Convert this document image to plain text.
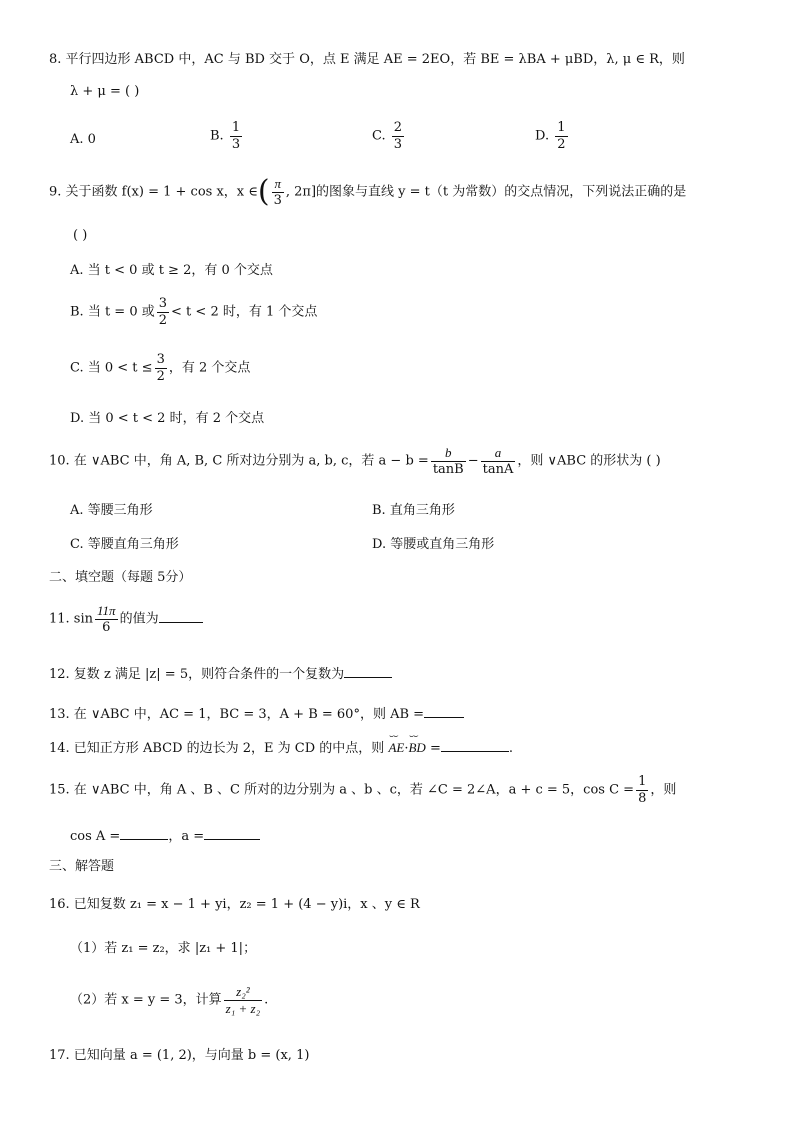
8. 平行四边形 ABCD 中，AC 与 BD 交于 O，点 E 满足 AE = 2EO，若 BE = λBA + μBD，λ, μ ∈ R，则
λ + μ = ( )
A. 0	B. $\frac{1}{3}$	C. $\frac{2}{3}$	D. $\frac{1}{2}$
9. 关于函数 f(x) = 1 + cos x，x ∈( $\frac{\pi}{3}$ , 2π]的图象与直线 y = t（t 为常数）的交点情况，下列说法正确的是
( )
A. 当 t < 0 或 t ≥ 2，有 0 个交点
B. 当 t = 0 或 $\frac{3}{2} < t < 2$ 时，有 1 个交点
C. 当 $0 < t \le \frac{3}{2}$ ，有 2 个交点
D. 当 0 < t < 2 时，有 2 个交点
10. 在 ∨ABC 中，角 A, B, C 所对边分别为 a, b, c，若 $a - b = \frac{b}{\tan B} - \frac{a}{\tan A}$ ，则 ∨ABC 的形状为 ( )
A. 等腰三角形	B. 直角三角形
C. 等腰直角三角形	D. 等腰或直角三角形
二、填空题（每题 5分）
11. $\sin \frac{11\pi}{6}$ 的值为
12. 复数 z 满足 |z| = 5，则符合条件的一个复数为
13. 在 ∨ABC 中，AC = 1，BC = 3，A + B = 60°，则 AB =
14. 已知正方形 ABCD 的边长为 2，E 为 CD 的中点，则 ⌣⌣ AE·⌣⌣ BD =	.
15. 在 ∨ABC 中，角 A 、B 、C 所对的边分别为 a 、b 、c，若 ∠C = 2∠A，a + c = 5，$\cos C = \frac{1}{8}$ ，则
cos A =	，a =
三、解答题
16. 已知复数 z₁ = x − 1 + yi，z₂ = 1 + (4 − y)i，x 、y ∈ R
（1）若 z₁ = z₂，求 |z₁ + 1|；
（2）若 x = y = 3，计算 $\frac{\text{z₂²}}{\text{z₁ + z₂}}$ .
17. 已知向量 a = (1, 2)，与向量 b = (x, 1)
